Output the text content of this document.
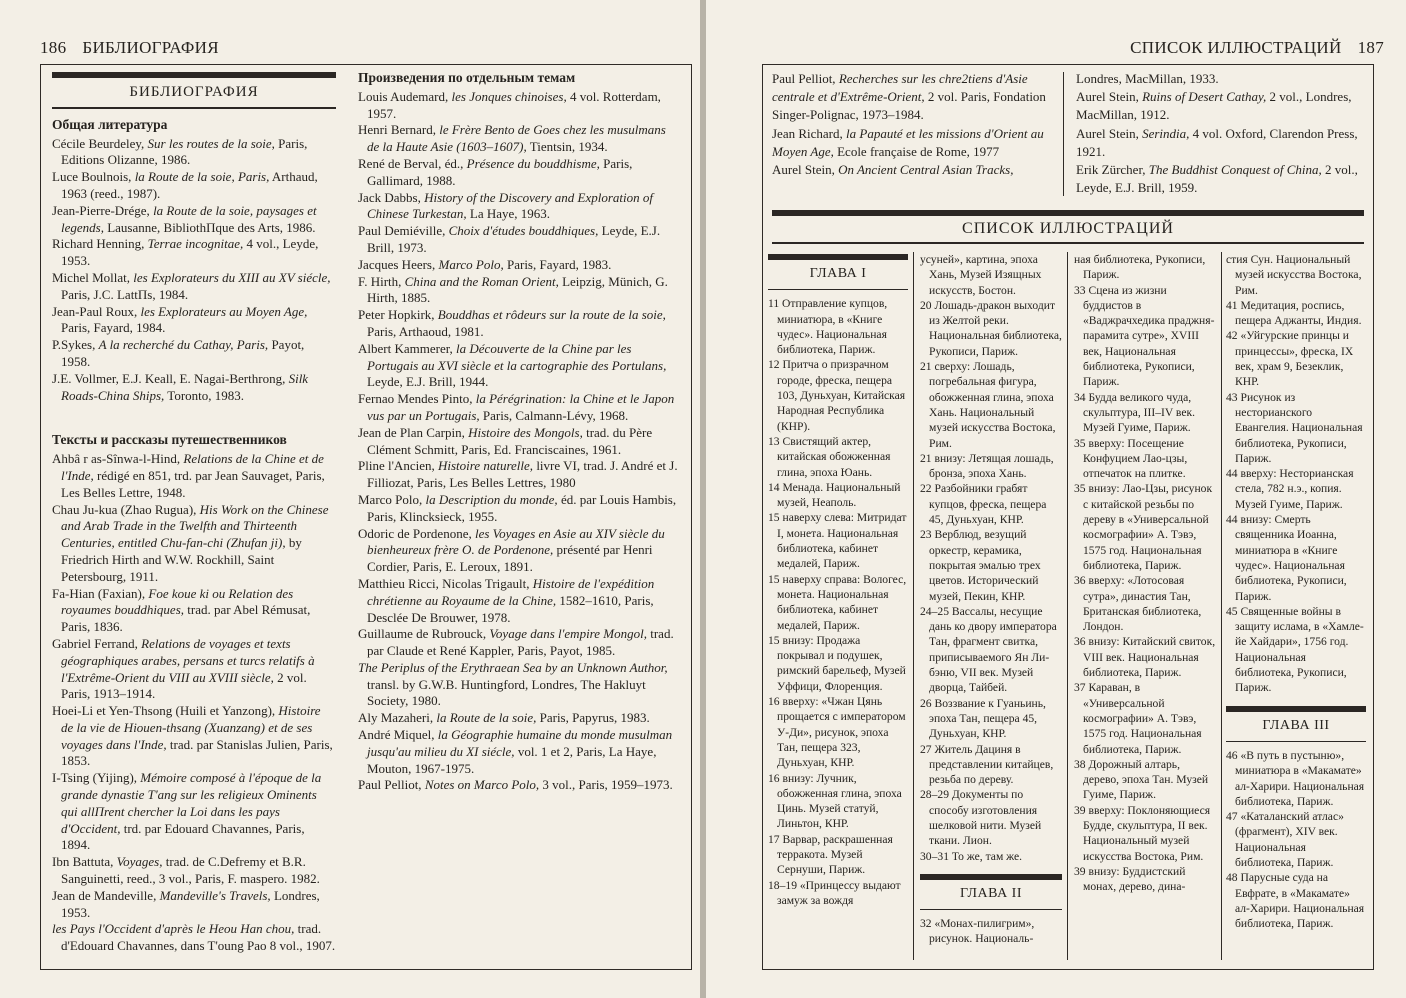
186 БИБЛИОГРАФИЯ
БИБЛИОГРАФИЯ
Общая литература

Cécile Beurdeley, Sur les routes de la soie, Paris, Editions Olizanne, 1986.

Luce Boulnois, la Route de la soie, Paris, Arthaud, 1963 (reed., 1987).

Jean-Pierre-Drége, la Route de la soie, paysages et legends, Lausanne, BibliothПque des Arts, 1986.

Richard Henning, Terrae incognitae, 4 vol., Leyde, 1953.

Michel Mollat, les Explorateurs du XIII au XV siécle, Paris, J.C. LattПs, 1984.

Jean-Paul Roux, les Explorateurs au Moyen Age, Paris, Fayard, 1984.

P.Sykes, A la recherché du Cathay, Paris, Payot, 1958.

J.E. Vollmer, E.J. Keall, E. Nagai-Berthrong, Silk Roads-China Ships, Toronto, 1983.

Тексты и рассказы путешественников

Ahbâ r as-Sînwa-l-Hind, Relations de la Chine et de l'Inde, rédigé en 851, trd. par Jean Sauvaget, Paris, Les Belles Lettre, 1948.

Chau Ju-kua (Zhao Rugua), His Work on the Chinese and Arab Trade in the Twelfth and Thirteenth Centuries, entitled Chu-fan-chi (Zhufan ji), by Friedrich Hirth and W.W. Rockhill, Saint Petersbourg, 1911.

Fa-Hian (Faxian), Foe koue ki ou Relation des royaumes bouddhiques, trad. par Abel Rémusat, Paris, 1836.

Gabriel Ferrand, Relations de voyages et texts géographiques arabes, persans et turcs relatifs à l'Extrême-Orient du VIII au XVIII siècle, 2 vol. Paris, 1913–1914.

Hoei-Li et Yen-Thsong (Huili et Yanzong), Histoire de la vie de Hiouen-thsang (Xuanzang) et de ses voyages dans l'Inde, trad. par Stanislas Julien, Paris, 1853.

I-Tsing (Yijing), Mémoire composé à l'époque de la grande dynastie T'ang sur les religieux Ominents qui allПrent chercher la Loi dans les pays d'Occident, trd. par Edouard Chavannes, Paris, 1894.

Ibn Battuta, Voyages, trad. de C.Defremy et B.R. Sanguinetti, reed., 3 vol., Paris, F. maspero. 1982.

Jean de Mandeville, Mandeville's Travels, Londres, 1953.

les Pays l'Occident d'après le Heou Han chou, trad. d'Edouard Chavannes, dans T'oung Pao 8 vol., 1907.

Произведения по отдельным темам

Louis Audemard, les Jonques chinoises, 4 vol. Rotterdam, 1957.

Henri Bernard, le Frère Bento de Goes chez les musulmans de la Haute Asie (1603–1607), Tientsin, 1934.

René de Berval, éd., Présence du bouddhisme, Paris, Gallimard, 1988.

Jack Dabbs, History of the Discovery and Exploration of Chinese Turkestan, La Haye, 1963.

Paul Demiéville, Choix d'études bouddhiques, Leyde, E.J. Brill, 1973.

Jacques Heers, Marco Polo, Paris, Fayard, 1983.

F. Hirth, China and the Roman Orient, Leipzig, Münich, G. Hirth, 1885.

Peter Hopkirk, Bouddhas et rôdeurs sur la route de la soie, Paris, Arthaoud, 1981.

Albert Kammerer, la Découverte de la Chine par les Portugais au XVI siècle et la cartographie des Portulans, Leyde, E.J. Brill, 1944.

Fernao Mendes Pinto, la Pérégrination: la Chine et le Japon vus par un Portugais, Paris, Calmann-Lévy, 1968.

Jean de Plan Carpin, Histoire des Mongols, trad. du Père Clément Schmitt, Paris, Ed. Franciscaines, 1961.

Pline l'Ancien, Histoire naturelle, livre VI, trad. J. André et J. Filliozat, Paris, Les Belles Lettres, 1980

Marco Polo, la Description du monde, éd. par Louis Hambis, Paris, Klincksieck, 1955.

Odoric de Pordenone, les Voyages en Asie au XIV siècle du bienheureux frère O. de Pordenone, présenté par Henri Cordier, Paris, E. Leroux, 1891.

Matthieu Ricci, Nicolas Trigault, Histoire de l'expédition chrétienne au Royaume de la Chine, 1582–1610, Paris, Desclée De Brouwer, 1978.

Guillaume de Rubrouck, Voyage dans l'empire Mongol, trad. par Claude et René Kappler, Paris, Payot, 1985.

The Periplus of the Erythraean Sea by an Unknown Author, transl. by G.W.B. Huntingford, Londres, The Hakluyt Society, 1980.

Aly Mazaheri, la Route de la soie, Paris, Papyrus, 1983.

André Miquel, la Géographie humaine du monde musulman jusqu'au milieu du XI siécle, vol. 1 et 2, Paris, La Haye, Mouton, 1967-1975.

Paul Pelliot, Notes on Marco Polo, 3 vol., Paris, 1959–1973.

СПИСОК ИЛЛЮСТРАЦИЙ 187

Paul Pelliot, Recherches sur les chre2tiens d'Asie centrale et d'Extrême-Orient, 2 vol. Paris, Fondation Singer-Polignac, 1973–1984.

Jean Richard, la Papauté et les missions d'Orient au Moyen Age, Ecole française de Rome, 1977

Aurel Stein, On Ancient Central Asian Tracks,

Londres, MacMillan, 1933.

Aurel Stein, Ruins of Desert Cathay, 2 vol., Londres, MacMillan, 1912.

Aurel Stein, Serindia, 4 vol. Oxford, Clarendon Press, 1921.

Erik Zürcher, The Buddhist Conquest of China, 2 vol., Leyde, E.J. Brill, 1959.

СПИСОК ИЛЛЮСТРАЦИЙ
ГЛАВА I

11 Отправление купцов, миниатюра, в «Книге чудес». Национальная библиотека, Париж.

12 Притча о призрачном городе, фреска, пещера 103, Дуньхуан, Китайская Народная Республика (КНР).

13 Свистящий актер, китайская обожженная глина, эпоха Юань.

14 Менада. Национальный музей, Неаполь.

15 наверху слева: Митридат I, монета. Национальная библиотека, кабинет медалей, Париж.

15 наверху справа: Вологес, монета. Национальная библиотека, кабинет медалей, Париж.

15 внизу: Продажа покрывал и подушек, римский барельеф, Музей Уффици, Флоренция.

16 вверху: «Чжан Цянь прощается с императором У-Ди», рисунок, эпоха Тан, пещера 323, Дуньхуан, КНР.

16 внизу: Лучник, обожженная глина, эпоха Цинь. Музей статуй, Линьтон, КНР.

17 Варвар, раскрашенная терракота. Музей Сернуши, Париж.

18–19 «Принцессу выдают замуж за вождя

усуней», картина, эпоха Хань, Музей Изящных искусств, Бостон.

20 Лошадь-дракон выходит из Желтой реки. Национальная библиотека, Рукописи, Париж.

21 сверху: Лошадь, погребальная фигура, обожженная глина, эпоха Хань. Национальный музей искусства Востока, Рим.

21 внизу: Летящая лошадь, бронза, эпоха Хань.

22 Разбойники грабят купцов, фреска, пещера 45, Дуньхуан, КНР.

23 Верблюд, везущий оркестр, керамика, покрытая эмалью трех цветов. Исторический музей, Пекин, КНР.

24–25 Вассалы, несущие дань ко двору императора Тан, фрагмент свитка, приписываемого Ян Ли-бэню, VII век. Музей дворца, Тайбей.

26 Воззвание к Гуаньинь, эпоха Тан, пещера 45, Дуньхуан, КНР.

27 Житель Дациня в представлении китайцев, резьба по дереву.

28–29 Документы по способу изготовления шелковой нити. Музей ткани. Лион.

30–31 То же, там же.

ГЛАВА II

32 «Монах-пилигрим», рисунок. Националь-

ная библиотека, Рукописи, Париж.

33 Сцена из жизни буддистов в «Ваджрачхедика праджня-парамита сутре», XVIII век, Национальная библиотека, Рукописи, Париж.

34 Будда великого чуда, скульптура, III–IV век. Музей Гуиме, Париж.

35 вверху: Посещение Конфуцием Лао-цзы, отпечаток на плитке.

35 внизу: Лао-Цзы, рисунок с китайской резьбы по дереву в «Универсальной космографии» А. Тэвэ, 1575 год. Национальная библиотека, Париж.

36 вверху: «Лотосовая сутра», династия Тан, Британская библиотека, Лондон.

36 внизу: Китайский свиток, VIII век. Национальная библиотека, Париж.

37 Караван, в «Универсальной космографии» А. Тэвэ, 1575 год. Национальная библиотека, Париж.

38 Дорожный алтарь, дерево, эпоха Тан. Музей Гуиме, Париж.

39 вверху: Поклоняющиеся Будде, скульптура, II век. Национальный музей искусства Востока, Рим.

39 внизу: Буддистский монах, дерево, дина-

стия Сун. Национальный музей искусства Востока, Рим.

41 Медитация, роспись, пещера Аджанты, Индия.

42 «Уйгурские принцы и принцессы», фреска, IX век, храм 9, Безеклик, КНР.

43 Рисунок из несторианского Евангелия. Национальная библиотека, Рукописи, Париж.

44 вверху: Несторианская стела, 782 н.э., копия. Музей Гуиме, Париж.

44 внизу: Смерть священника Иоанна, миниатюра в «Книге чудес». Национальная библиотека, Рукописи, Париж.

45 Священные войны в защиту ислама, в «Хамле-йе Хайдари», 1756 год. Национальная библиотека, Рукописи, Париж.

ГЛАВА III

46 «В путь в пустыню», миниатюра в «Макамате» ал-Харири. Национальная библиотека, Париж.

47 «Каталанский атлас» (фрагмент), XIV век. Национальная библиотека, Париж.

48 Парусные суда на Евфрате, в «Макамате» ал-Харири. Национальная библиотека, Париж.
